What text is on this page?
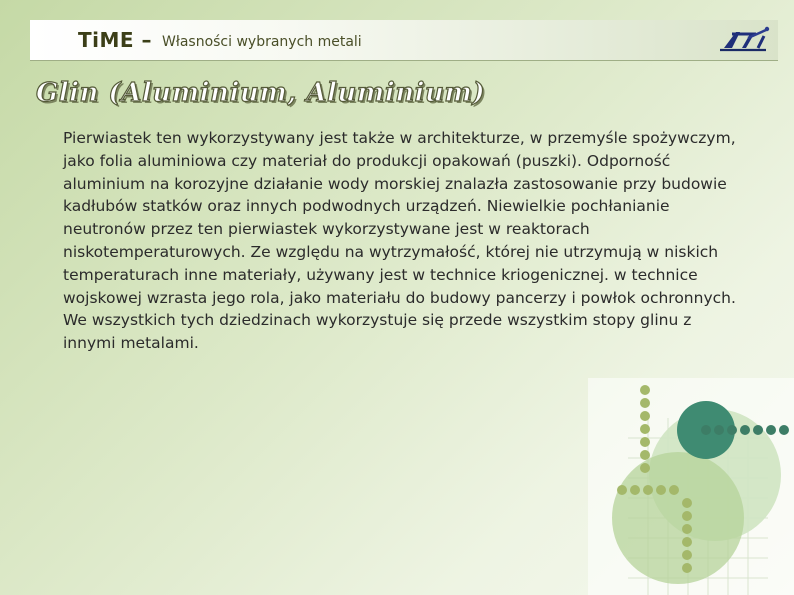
TiME – Własności wybranych metali
Glin (Aluminium, Aluminium)

Pierwiastek ten wykorzystywany jest także w architekturze, w przemyśle spożywczym, jako folia aluminiowa czy materiał do produkcji opakowań (puszki). Odporność aluminium na korozyjne działanie wody morskiej znalazła zastosowanie przy budowie kadłubów statków oraz innych podwodnych urządzeń. Niewielkie pochłanianie neutronów przez ten pierwiastek wykorzystywane jest w reaktorach niskotemperaturowych. Ze względu na wytrzymałość, której nie utrzymują w niskich temperaturach inne materiały, używany jest w technice kriogenicznej. w technice wojskowej wzrasta jego rola, jako materiału do budowy pancerzy i powłok ochronnych. We wszystkich tych dziedzinach wykorzystuje się przede wszystkim stopy glinu z innymi metalami.
